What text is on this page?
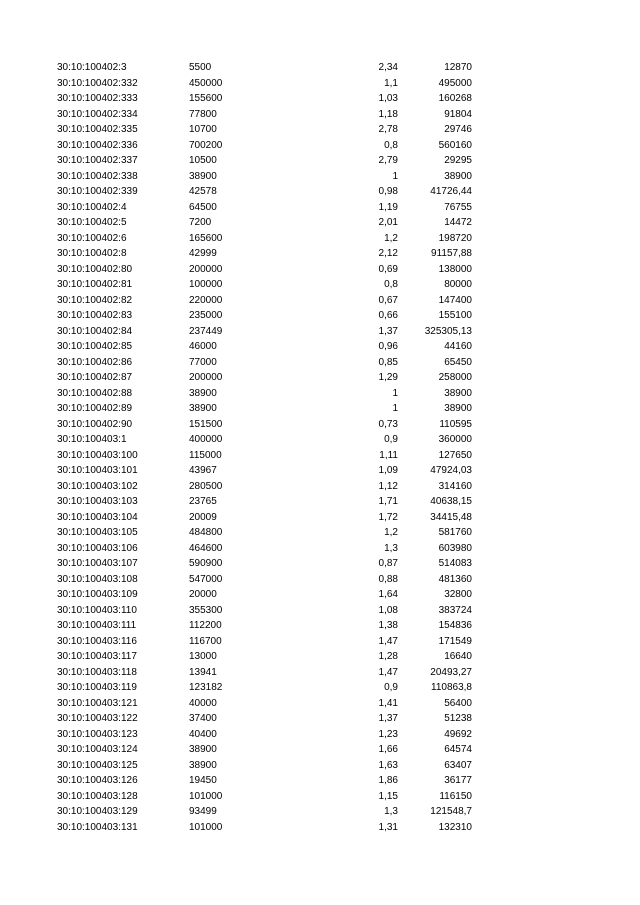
30:10:100402:3	5500	2,34	12870
30:10:100402:332	450000	1,1	495000
30:10:100402:333	155600	1,03	160268
30:10:100402:334	77800	1,18	91804
30:10:100402:335	10700	2,78	29746
30:10:100402:336	700200	0,8	560160
30:10:100402:337	10500	2,79	29295
30:10:100402:338	38900	1	38900
30:10:100402:339	42578	0,98	41726,44
30:10:100402:4	64500	1,19	76755
30:10:100402:5	7200	2,01	14472
30:10:100402:6	165600	1,2	198720
30:10:100402:8	42999	2,12	91157,88
30:10:100402:80	200000	0,69	138000
30:10:100402:81	100000	0,8	80000
30:10:100402:82	220000	0,67	147400
30:10:100402:83	235000	0,66	155100
30:10:100402:84	237449	1,37	325305,13
30:10:100402:85	46000	0,96	44160
30:10:100402:86	77000	0,85	65450
30:10:100402:87	200000	1,29	258000
30:10:100402:88	38900	1	38900
30:10:100402:89	38900	1	38900
30:10:100402:90	151500	0,73	110595
30:10:100403:1	400000	0,9	360000
30:10:100403:100	115000	1,11	127650
30:10:100403:101	43967	1,09	47924,03
30:10:100403:102	280500	1,12	314160
30:10:100403:103	23765	1,71	40638,15
30:10:100403:104	20009	1,72	34415,48
30:10:100403:105	484800	1,2	581760
30:10:100403:106	464600	1,3	603980
30:10:100403:107	590900	0,87	514083
30:10:100403:108	547000	0,88	481360
30:10:100403:109	20000	1,64	32800
30:10:100403:110	355300	1,08	383724
30:10:100403:111	112200	1,38	154836
30:10:100403:116	116700	1,47	171549
30:10:100403:117	13000	1,28	16640
30:10:100403:118	13941	1,47	20493,27
30:10:100403:119	123182	0,9	110863,8
30:10:100403:121	40000	1,41	56400
30:10:100403:122	37400	1,37	51238
30:10:100403:123	40400	1,23	49692
30:10:100403:124	38900	1,66	64574
30:10:100403:125	38900	1,63	63407
30:10:100403:126	19450	1,86	36177
30:10:100403:128	101000	1,15	116150
30:10:100403:129	93499	1,3	121548,7
30:10:100403:131	101000	1,31	132310
